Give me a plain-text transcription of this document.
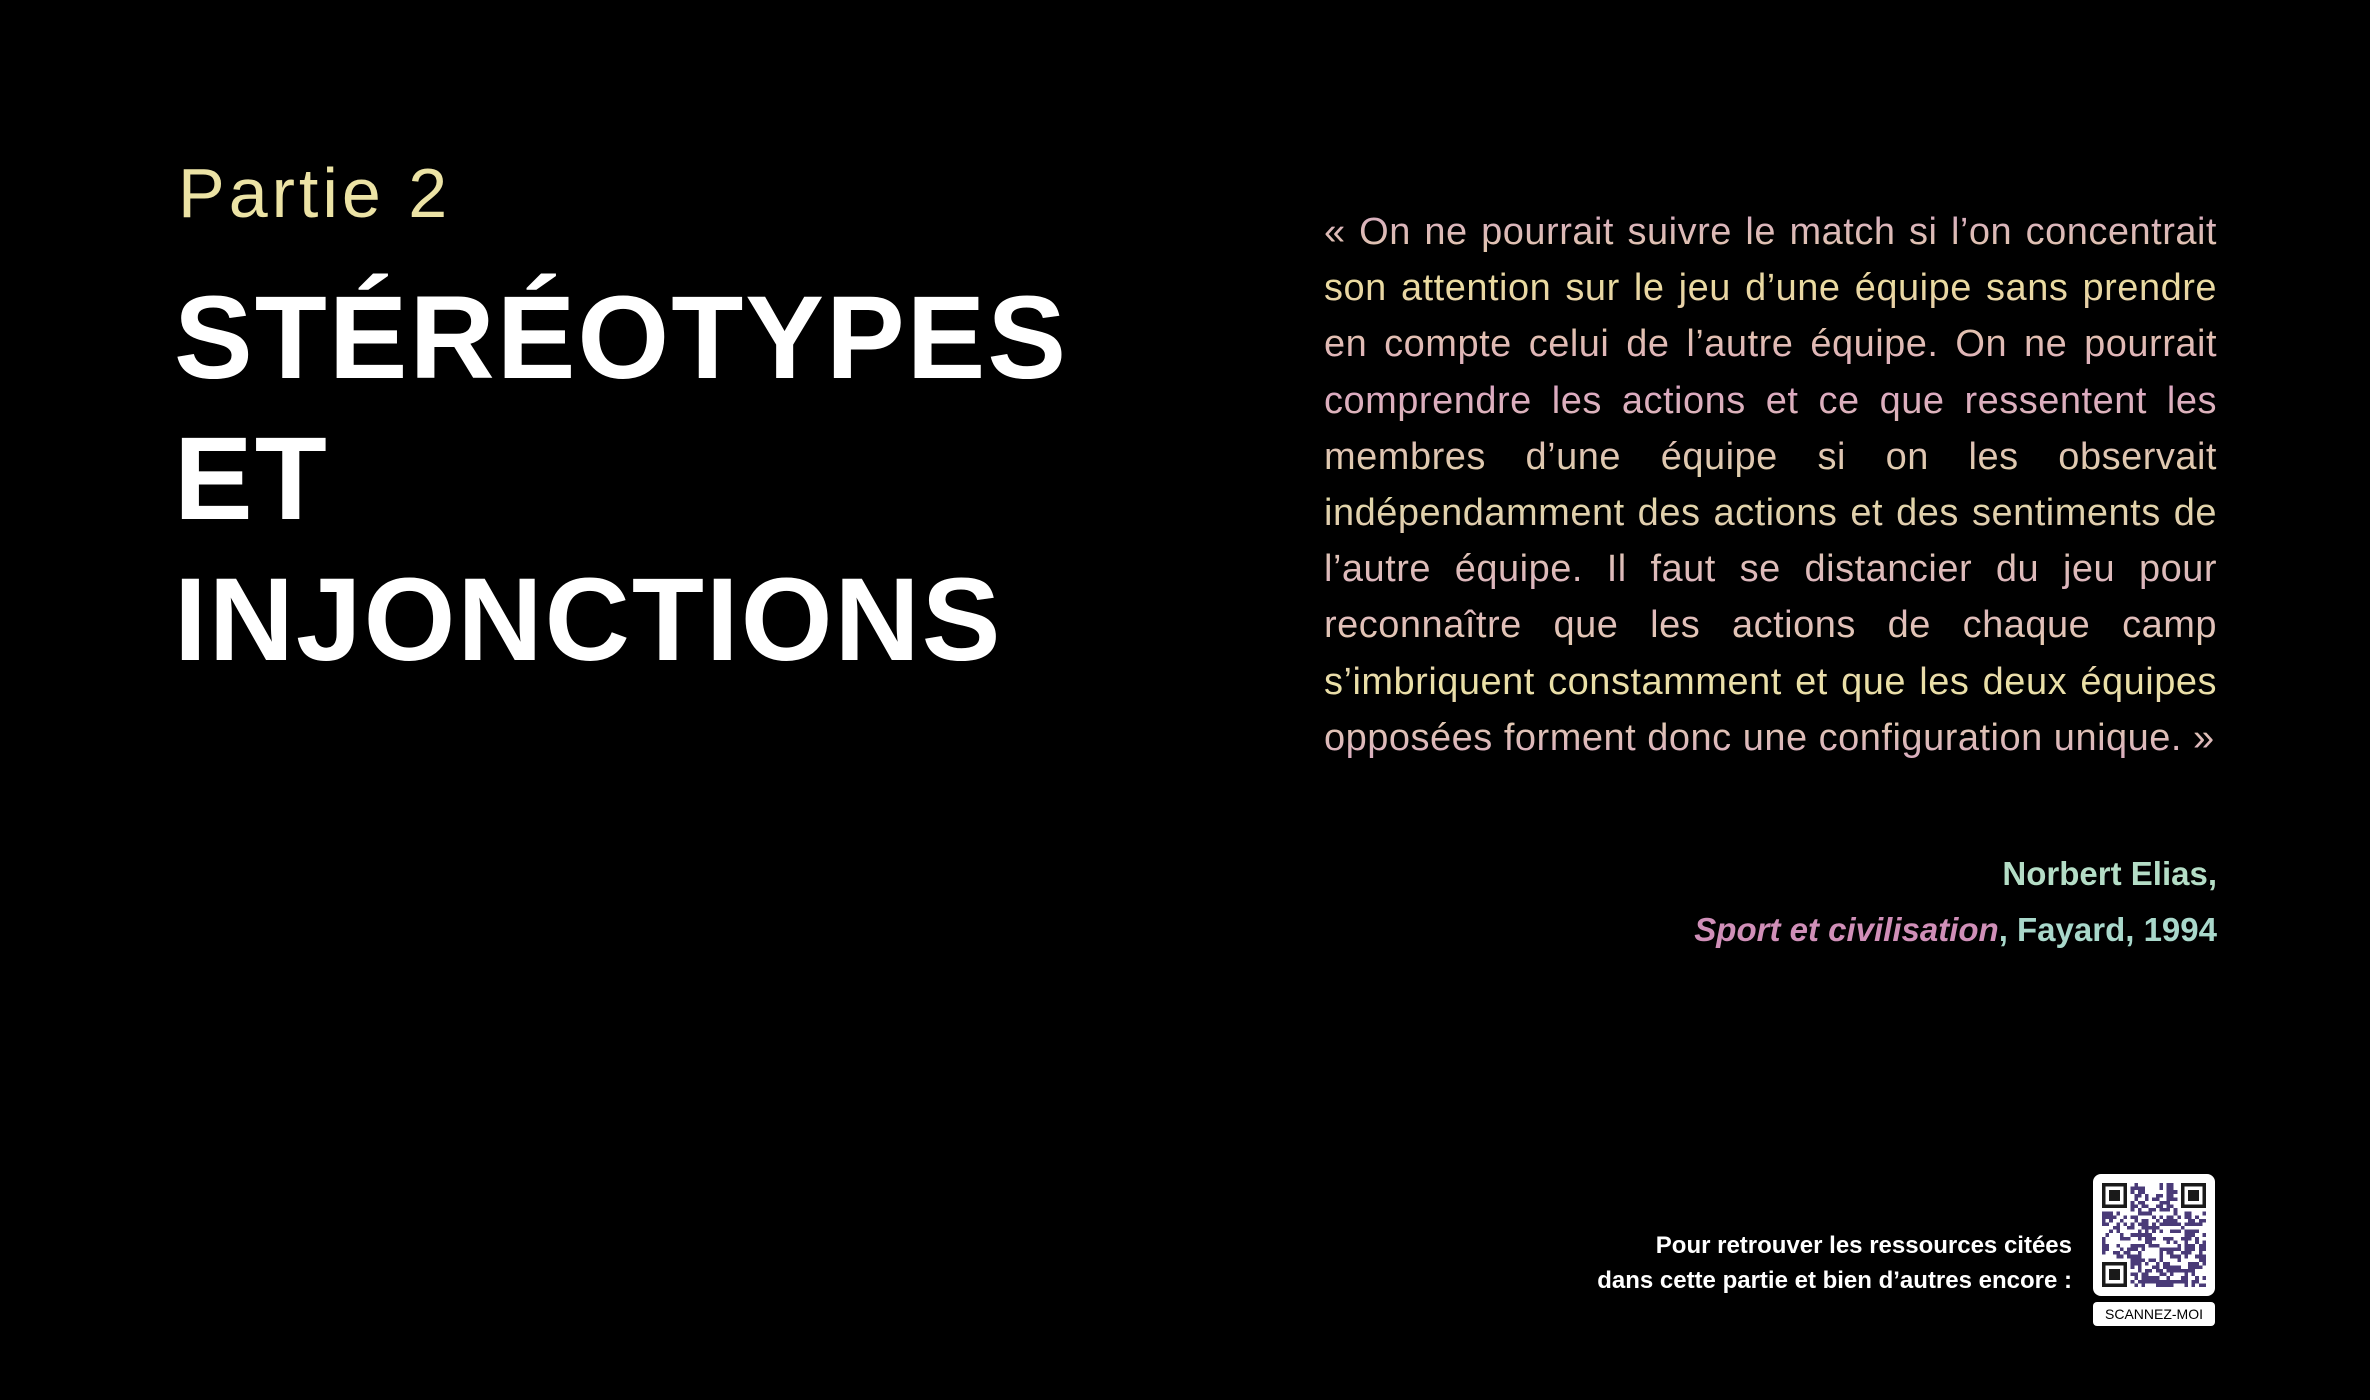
Partie 2
STÉRÉOTYPES
ET
INJONCTIONS

« On ne pourrait suivre le match si l’on concentrait son attention sur le jeu d’une équipe sans prendre en compte celui de l’autre équipe. On ne pourrait comprendre les actions et ce que ressentent les membres d’une équipe si on les observait indépendamment des actions et des sentiments de l’autre équipe. Il faut se distancier du jeu pour reconnaître que les actions de chaque camp s’imbriquent constamment et que les deux équipes opposées forment donc une configuration unique. »

Norbert Elias,
Sport et civilisation, Fayard, 1994

Pour retrouver les ressources citées
dans cette partie et bien d’autres encore :

SCANNEZ-MOI
